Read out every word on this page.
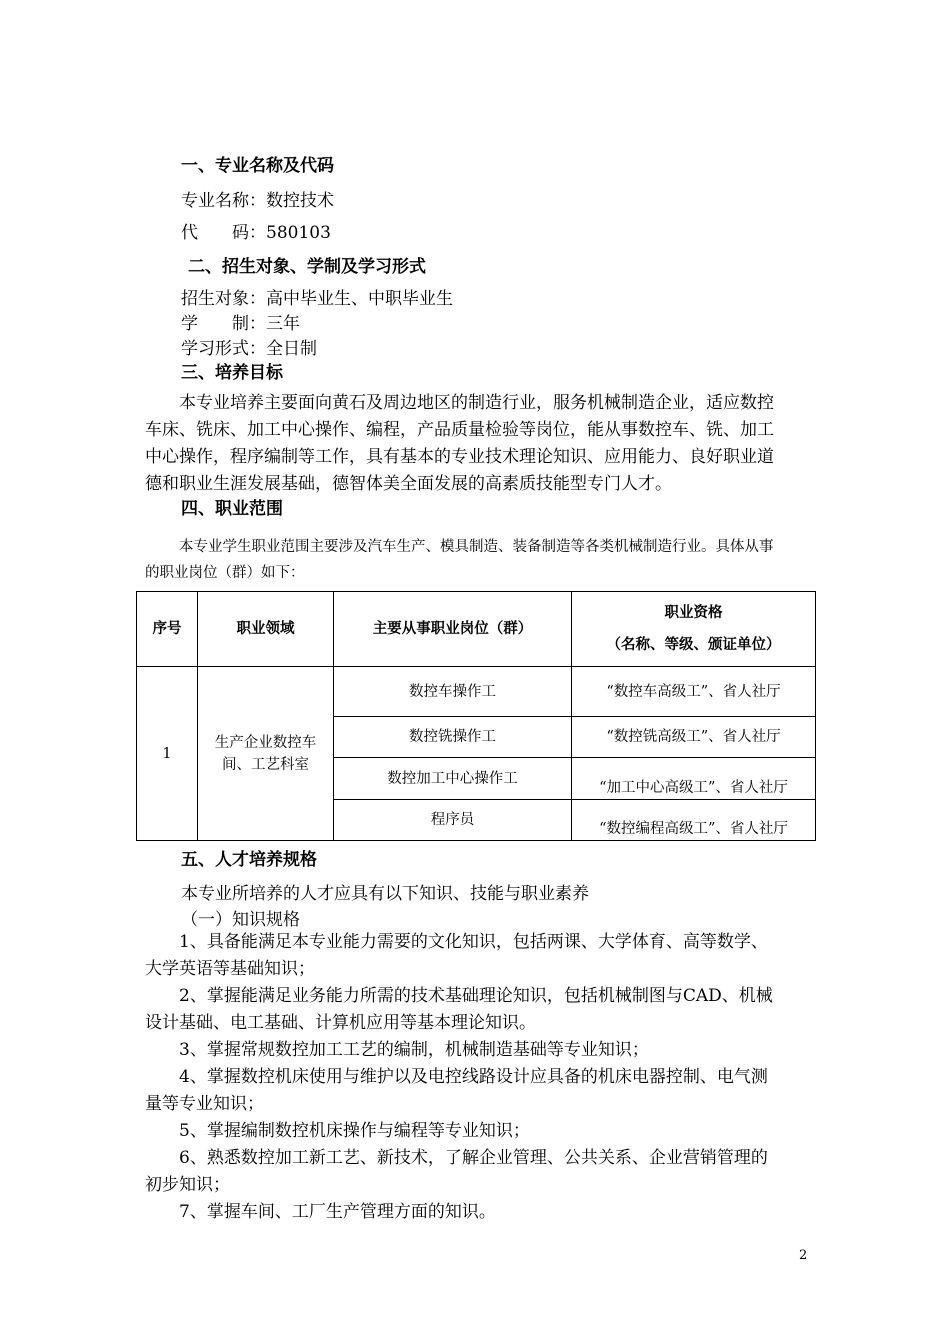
一、专业名称及代码
专业名称：数控技术
代　　码：580103
二、招生对象、学制及学习形式
招生对象：高中毕业生、中职毕业生
学　　制：三年
学习形式：全日制
三、培养目标
本专业培养主要面向黄石及周边地区的制造行业，服务机械制造企业，适应数控车床、铣床、加工中心操作、编程，产品质量检验等岗位，能从事数控车、铣、加工中心操作，程序编制等工作，具有基本的专业技术理论知识、应用能力、良好职业道德和职业生涯发展基础，德智体美全面发展的高素质技能型专门人才。
四、职业范围
本专业学生职业范围主要涉及汽车生产、模具制造、装备制造等各类机械制造行业。具体从事的职业岗位（群）如下：
序号	职业领域	主要从事职业岗位（群）	职业资格
（名称、等级、颁证单位）

1	生产企业数控车间、工艺科室	数控车操作工	“数控车高级工”、省人社厅
		数控铣操作工	“数控铣高级工”、省人社厅
		数控加工中心操作工	“加工中心高级工”、省人社厅

		程序员	“数控编程高级工”、省人社厅
五、人才培养规格
本专业所培养的人才应具有以下知识、技能与职业素养
（一）知识规格
1、具备能满足本专业能力需要的文化知识，包括两课、大学体育、高等数学、大学英语等基础知识；
2、掌握能满足业务能力所需的技术基础理论知识，包括机械制图与CAD、机械设计基础、电工基础、计算机应用等基本理论知识。
3、掌握常规数控加工工艺的编制，机械制造基础等专业知识；
4、掌握数控机床使用与维护以及电控线路设计应具备的机床电器控制、电气测量等专业知识；
5、掌握编制数控机床操作与编程等专业知识；
6、熟悉数控加工新工艺、新技术，了解企业管理、公共关系、企业营销管理的初步知识；
7、掌握车间、工厂生产管理方面的知识。
2
